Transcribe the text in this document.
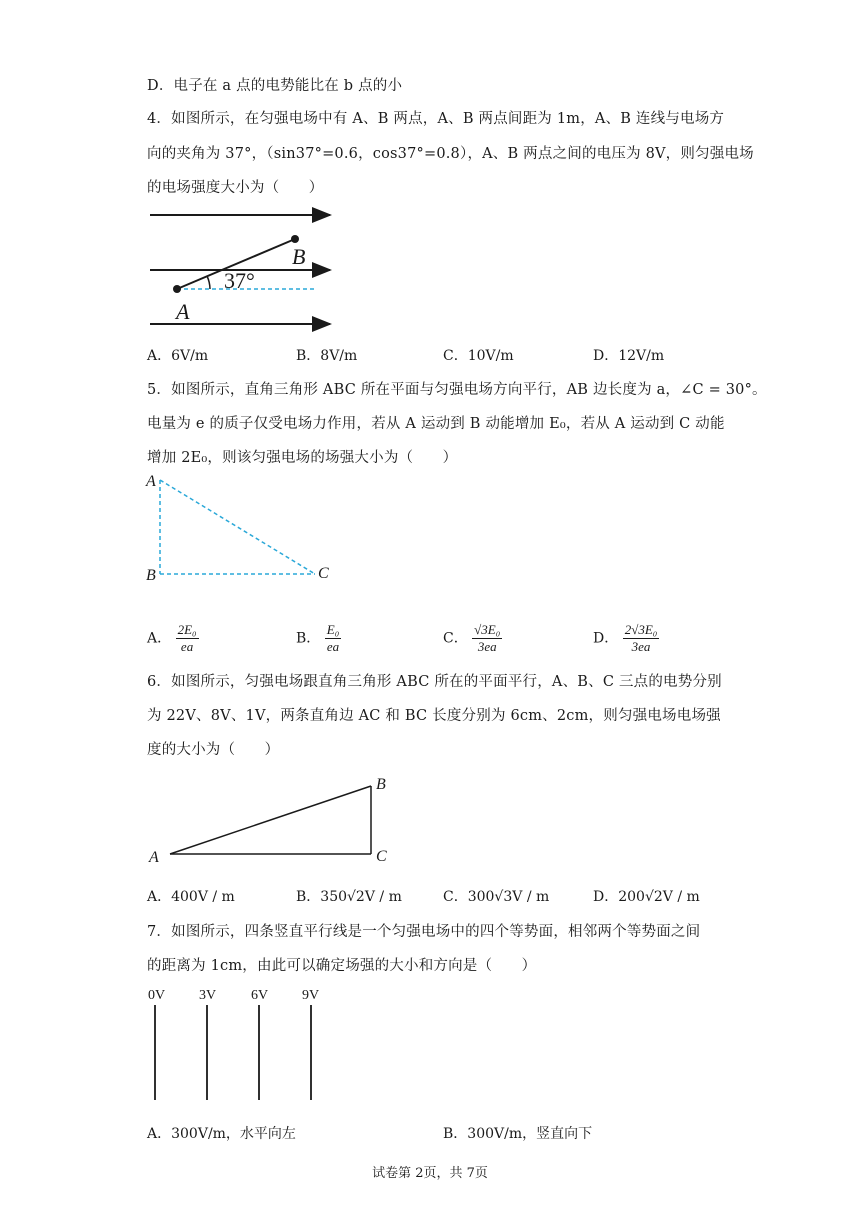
D．电子在 a 点的电势能比在 b 点的小
4．如图所示，在匀强电场中有 A、B 两点，A、B 两点间距为 1m，A、B 连线与电场方
向的夹角为 37°，（sin37°=0.6，cos37°=0.8），A、B 两点之间的电压为 8V，则匀强电场
的电场强度大小为（　　）
37°
B
A
A．6V/m	B．8V/m	C．10V/m	D．12V/m
5．如图所示，直角三角形 ABC 所在平面与匀强电场方向平行，AB 边长度为 a，∠C = 30°。
电量为 e 的质子仅受电场力作用，若从 A 运动到 B 动能增加 E₀，若从 A 运动到 C 动能
增加 2E₀，则该匀强电场的场强大小为（　　）
A
B	C
A． $\frac{\text{2E₀}}{ea}$	B． $\frac{\text{E₀}}{ea}$	C． $\frac{\text{√3E₀}}{3ea}$	D． $\frac{\text{2√3E₀}}{3ea}$
6．如图所示，匀强电场跟直角三角形 ABC 所在的平面平行，A、B、C 三点的电势分别
为 22V、8V、1V，两条直角边 AC 和 BC 长度分别为 6cm、2cm，则匀强电场电场强
度的大小为（　　）
A
B
C
A．400V / m	B．350√2V / m	C．300√3V / m	D．200√2V / m
7．如图所示，四条竖直平行线是一个匀强电场中的四个等势面，相邻两个等势面之间
的距离为 1cm，由此可以确定场强的大小和方向是（　　）
0V 3V 6V 9V
A．300V/m，水平向左	B．300V/m，竖直向下
试卷第 2页，共 7页
